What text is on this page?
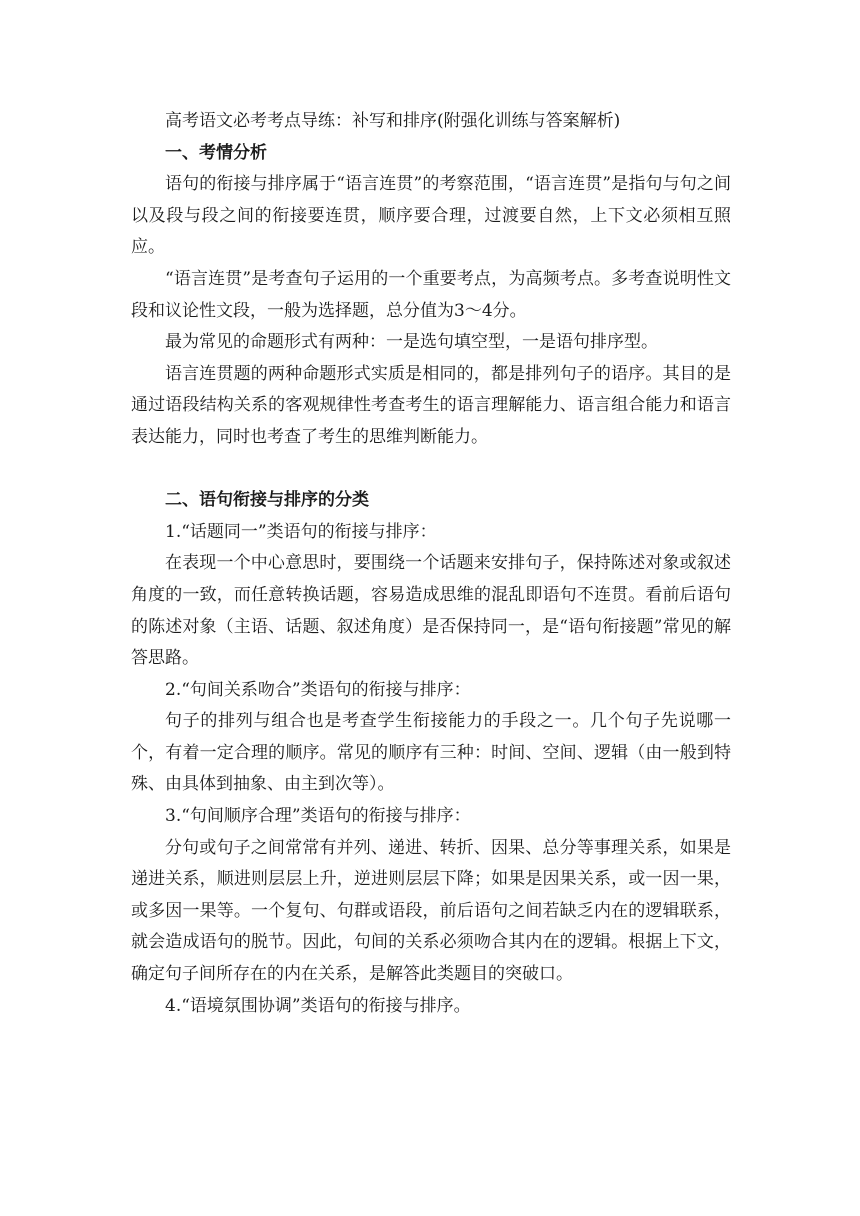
高考语文必考考点导练：补写和排序(附强化训练与答案解析)

一、考情分析

语句的衔接与排序属于“语言连贯”的考察范围，“语言连贯”是指句与句之间以及段与段之间的衔接要连贯，顺序要合理，过渡要自然，上下文必须相互照应。

“语言连贯”是考查句子运用的一个重要考点，为高频考点。多考查说明性文段和议论性文段，一般为选择题，总分值为3～4分。

最为常见的命题形式有两种：一是选句填空型，一是语句排序型。

语言连贯题的两种命题形式实质是相同的，都是排列句子的语序。其目的是通过语段结构关系的客观规律性考查考生的语言理解能力、语言组合能力和语言表达能力，同时也考查了考生的思维判断能力。

二、语句衔接与排序的分类

1.“话题同一”类语句的衔接与排序：

在表现一个中心意思时，要围绕一个话题来安排句子，保持陈述对象或叙述角度的一致，而任意转换话题，容易造成思维的混乱即语句不连贯。看前后语句的陈述对象（主语、话题、叙述角度）是否保持同一，是“语句衔接题”常见的解答思路。

2.“句间关系吻合”类语句的衔接与排序：

句子的排列与组合也是考查学生衔接能力的手段之一。几个句子先说哪一个，有着一定合理的顺序。常见的顺序有三种：时间、空间、逻辑（由一般到特殊、由具体到抽象、由主到次等）。

3.“句间顺序合理”类语句的衔接与排序：

分句或句子之间常常有并列、递进、转折、因果、总分等事理关系，如果是递进关系，顺进则层层上升，逆进则层层下降；如果是因果关系，或一因一果，或多因一果等。一个复句、句群或语段，前后语句之间若缺乏内在的逻辑联系，就会造成语句的脱节。因此，句间的关系必须吻合其内在的逻辑。根据上下文，确定句子间所存在的内在关系，是解答此类题目的突破口。

4.“语境氛围协调”类语句的衔接与排序。
